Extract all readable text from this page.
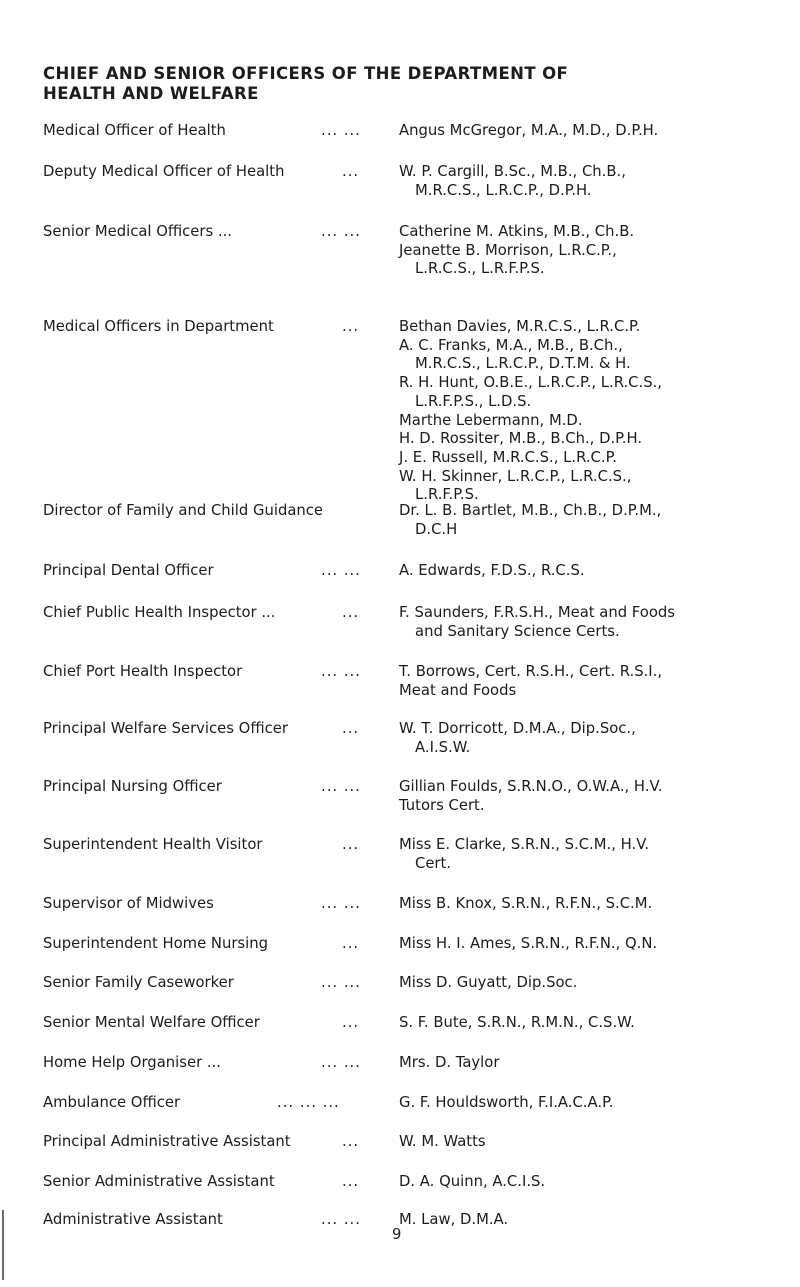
CHIEF AND SENIOR OFFICERS OF THE DEPARTMENT OF
HEALTH AND WELFARE
Medical Officer of Health	... ...	Angus McGregor, M.A., M.D., D.P.H.
Deputy Medical Officer of Health	...	W. P. Cargill, B.Sc., M.B., Ch.B.,
M.R.C.S., L.R.C.P., D.P.H.
Senior Medical Officers ...	... ...	Catherine M. Atkins, M.B., Ch.B.
Jeanette B. Morrison, L.R.C.P.,
L.R.C.S., L.R.F.P.S.
Medical Officers in Department	...	Bethan Davies, M.R.C.S., L.R.C.P.
A. C. Franks, M.A., M.B., B.Ch.,
M.R.C.S., L.R.C.P., D.T.M. & H.
R. H. Hunt, O.B.E., L.R.C.P., L.R.C.S.,
L.R.F.P.S., L.D.S.
Marthe Lebermann, M.D.
H. D. Rossiter, M.B., B.Ch., D.P.H.
J. E. Russell, M.R.C.S., L.R.C.P.
W. H. Skinner, L.R.C.P., L.R.C.S.,
L.R.F.P.S.
Director of Family and Child Guidance	Dr. L. B. Bartlet, M.B., Ch.B., D.P.M.,
D.C.H
Principal Dental Officer	... ...	A. Edwards, F.D.S., R.C.S.
Chief Public Health Inspector ...	...	F. Saunders, F.R.S.H., Meat and Foods
and Sanitary Science Certs.
Chief Port Health Inspector	... ...	T. Borrows, Cert. R.S.H., Cert. R.S.I.,
Meat and Foods
Principal Welfare Services Officer	...	W. T. Dorricott, D.M.A., Dip.Soc.,
A.I.S.W.
Principal Nursing Officer	... ...	Gillian Foulds, S.R.N.O., O.W.A., H.V.
Tutors Cert.
Superintendent Health Visitor	...	Miss E. Clarke, S.R.N., S.C.M., H.V.
Cert.
Supervisor of Midwives	... ...	Miss B. Knox, S.R.N., R.F.N., S.C.M.
Superintendent Home Nursing	...	Miss H. I. Ames, S.R.N., R.F.N., Q.N.
Senior Family Caseworker	... ...	Miss D. Guyatt, Dip.Soc.
Senior Mental Welfare Officer	...	S. F. Bute, S.R.N., R.M.N., C.S.W.
Home Help Organiser ...	... ...	Mrs. D. Taylor
Ambulance Officer	... ... ...	G. F. Houldsworth, F.I.A.C.A.P.
Principal Administrative Assistant	...	W. M. Watts
Senior Administrative Assistant	...	D. A. Quinn, A.C.I.S.
Administrative Assistant	... ...	M. Law, D.M.A.
9
